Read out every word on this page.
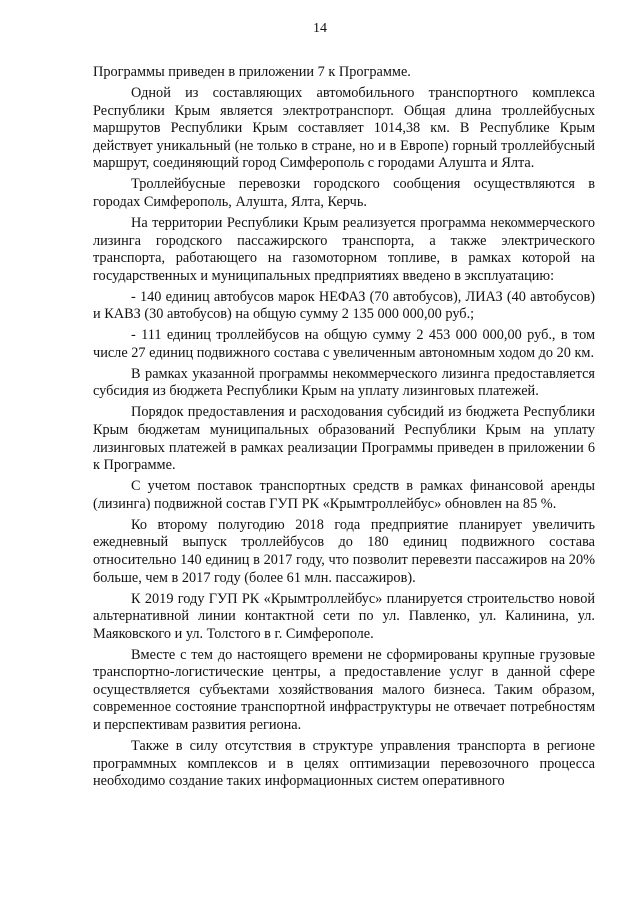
14

Программы приведен в приложении 7 к Программе.

Одной из составляющих автомобильного транспортного комплекса Республики Крым является электротранспорт. Общая длина троллейбусных маршрутов Республики Крым составляет 1014,38 км. В Республике Крым действует уникальный (не только в стране, но и в Европе) горный троллейбусный маршрут, соединяющий город Симферополь с городами Алушта и Ялта.

Троллейбусные перевозки городского сообщения осуществляются в городах Симферополь, Алушта, Ялта, Керчь.

На территории Республики Крым реализуется программа некоммерческого лизинга городского пассажирского транспорта, а также электрического транспорта, работающего на газомоторном топливе, в рамках которой на государственных и муниципальных предприятиях введено в эксплуатацию:

- 140 единиц автобусов марок НЕФАЗ (70 автобусов), ЛИАЗ (40 автобусов) и КАВЗ (30 автобусов) на общую сумму 2 135 000 000,00 руб.;

- 111 единиц троллейбусов на общую сумму 2 453 000 000,00 руб., в том числе 27 единиц подвижного состава с увеличенным автономным ходом до 20 км.

В рамках указанной программы некоммерческого лизинга предоставляется субсидия из бюджета Республики Крым на уплату лизинговых платежей.

Порядок предоставления и расходования субсидий из бюджета Республики Крым бюджетам муниципальных образований Республики Крым на уплату лизинговых платежей в рамках реализации Программы приведен в приложении 6 к Программе.

С учетом поставок транспортных средств в рамках финансовой аренды (лизинга) подвижной состав ГУП РК «Крымтроллейбус» обновлен на 85 %.

Ко второму полугодию 2018 года предприятие планирует увеличить ежедневный выпуск троллейбусов до 180 единиц подвижного состава относительно 140 единиц в 2017 году, что позволит перевезти пассажиров на 20% больше, чем в 2017 году (более 61 млн. пассажиров).

К 2019 году ГУП РК «Крымтроллейбус» планируется строительство новой альтернативной линии контактной сети по ул. Павленко, ул. Калинина, ул. Маяковского и ул. Толстого в г. Симферополе.

Вместе с тем до настоящего времени не сформированы крупные грузовые транспортно-логистические центры, а предоставление услуг в данной сфере осуществляется субъектами хозяйствования малого бизнеса. Таким образом, современное состояние транспортной инфраструктуры не отвечает потребностям и перспективам развития региона.

Также в силу отсутствия в структуре управления транспорта в регионе программных комплексов и в целях оптимизации перевозочного процесса необходимо создание таких информационных систем оперативного
